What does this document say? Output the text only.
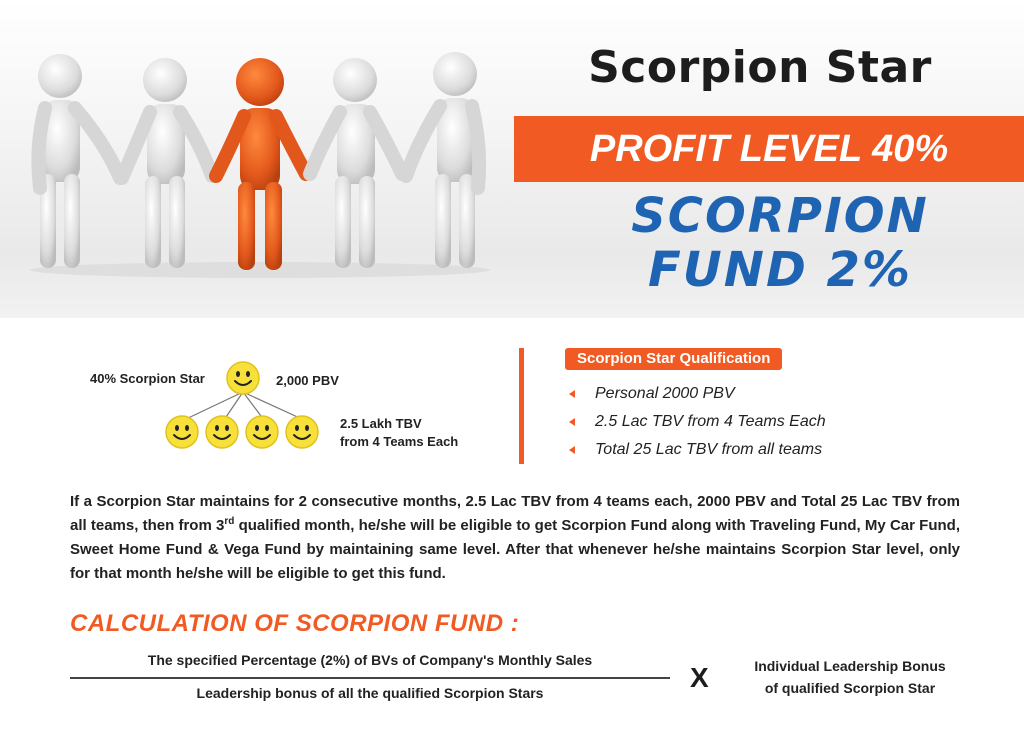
Scorpion Star
PROFIT LEVEL 40%
SCORPION
FUND 2%
40% Scorpion Star	2,000 PBV
2.5 Lakh TBV
from 4 Teams Each
Scorpion Star Qualification
Personal 2000 PBV
2.5 Lac TBV from 4 Teams Each
Total 25 Lac TBV from all teams
If a Scorpion Star maintains for 2 consecutive months, 2.5 Lac TBV from 4 teams each, 2000 PBV and Total 25 Lac TBV from all teams, then from 3rd qualified month, he/she will be eligible to get Scorpion Fund along with Traveling Fund, My Car Fund, Sweet Home Fund & Vega Fund by maintaining same level. After that whenever he/she maintains Scorpion Star level, only for that month he/she will be eligible to get this fund.
CALCULATION OF SCORPION FUND :
The specified Percentage (2%) of BVs of Company's Monthly Sales
Leadership bonus of all the qualified Scorpion Stars	X	Individual Leadership Bonus
of qualified Scorpion Star
